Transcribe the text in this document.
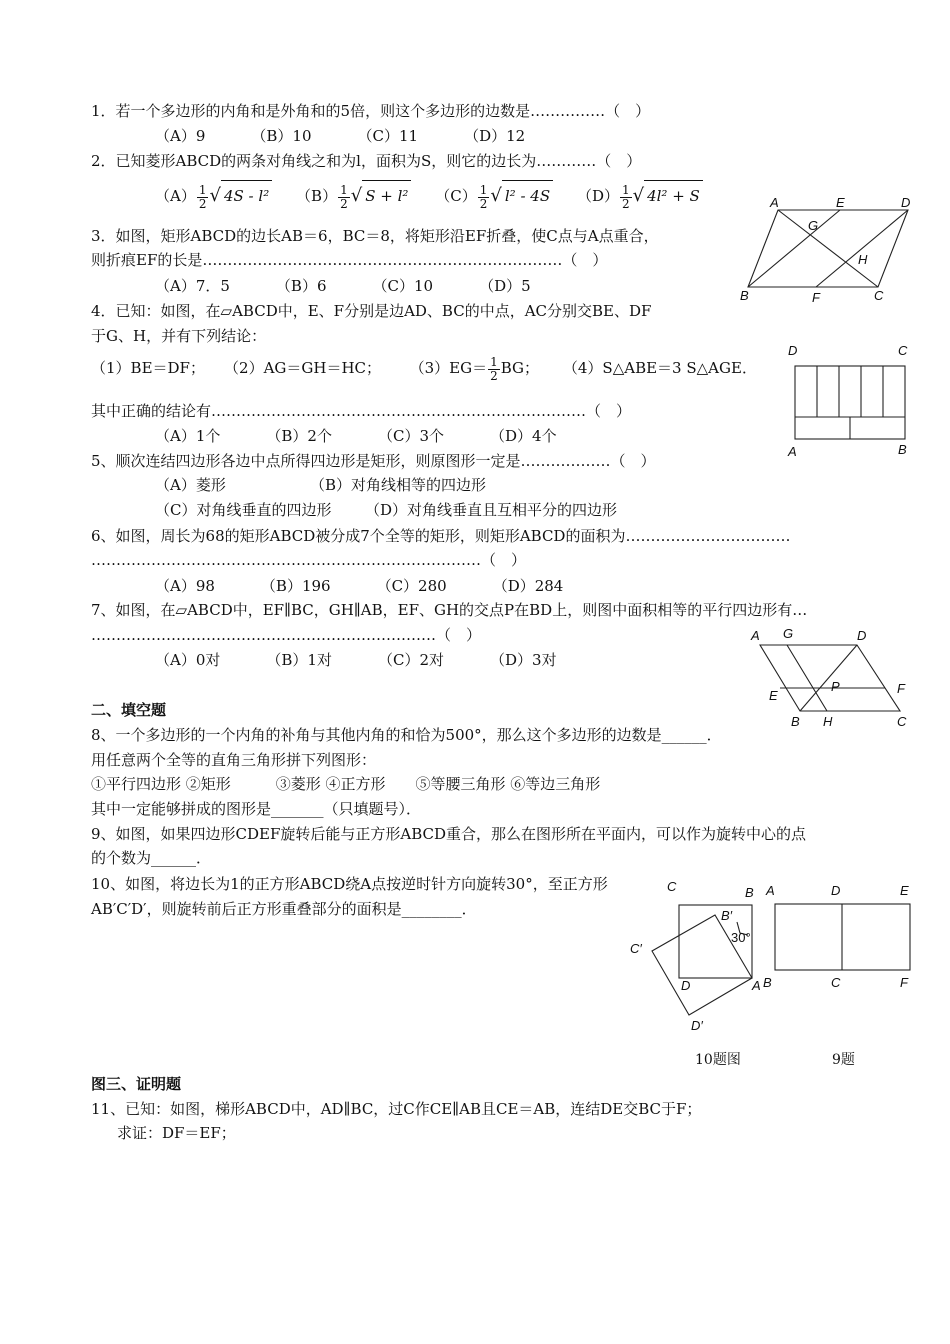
1．若一个多边形的内角和是外角和的5倍，则这个多边形的边数是……………（　）
（A）9	（B）10	（C）11	（D）12
2．已知菱形ABCD的两条对角线之和为l，面积为S，则它的边长为…………（　）
$(A) \frac{1}{2}$ √ 4S - l² $(B) \frac{1}{2}$ √ S + l² $(C) \frac{1}{2}$ √ l² - 4S $(D) \frac{1}{2}$ √ 4l² + S
3．如图，矩形ABCD的边长AB＝6，BC＝8，将矩形沿EF折叠，使C点与A点重合，
则折痕EF的长是………………………………………………………………（　）
（A）7．5	（B）6	（C）10	（D）5
4．已知：如图，在▱ABCD中，E、F分别是边AD、BC的中点，AC分别交BE、DF
于G、H，并有下列结论：
（1）BE＝DF； （2）AG＝GH＝HC； $(3)EG= \frac{1}{2}$ BG； （4）S△ABE＝3 S△AGE．
其中正确的结论有…………………………………………………………………（　）
（A）1个	（B）2个	（C）3个	（D）4个
5、顺次连结四边形各边中点所得四边形是矩形，则原图形一定是………………（　）
（A）菱形	（B）对角线相等的四边形
（C）对角线垂直的四边形 （D）对角线垂直且互相平分的四边形
6、如图，周长为68的矩形ABCD被分成7个全等的矩形，则矩形ABCD的面积为……………………………
……………………………………………………………………（　）
（A）98	（B）196	（C）280	（D）284
7、如图，在▱ABCD中，EF∥BC，GH∥AB，EF、GH的交点P在BD上，则图中面积相等的平行四边形有…
……………………………………………………………（　）
（A）0对	（B）1对	（C）2对	（D）3对
二、填空题
8、一个多边形的一个内角的补角与其他内角的和恰为500°，那么这个多边形的边数是______．
用任意两个全等的直角三角形拼下列图形：
①平行四边形 ②矩形　　　③菱形 ④正方形　　⑤等腰三角形 ⑥等边三角形
其中一定能够拼成的图形是_______（只填题号）．
9、如图，如果四边形CDEF旋转后能与正方形ABCD重合，那么在图形所在平面内，可以作为旋转中心的点
的个数为______．
10、如图，将边长为1的正方形ABCD绕A点按逆时针方向旋转30°，至正方形
AB′C′D′，则旋转前后正方形重叠部分的面积是________．
10题图	9题
图三、证明题
11、已知：如图，梯形ABCD中，AD∥BC，过C作CE∥AB且CE＝AB，连结DE交BC于F；
求证：DF＝EF；
A	E	D
G
H
B	F	C
D	C
A	B
A G	D
E
P	F
B H	C
C	B
B′
30°
C′
D	A
D′
A	D	E
B	C	F
